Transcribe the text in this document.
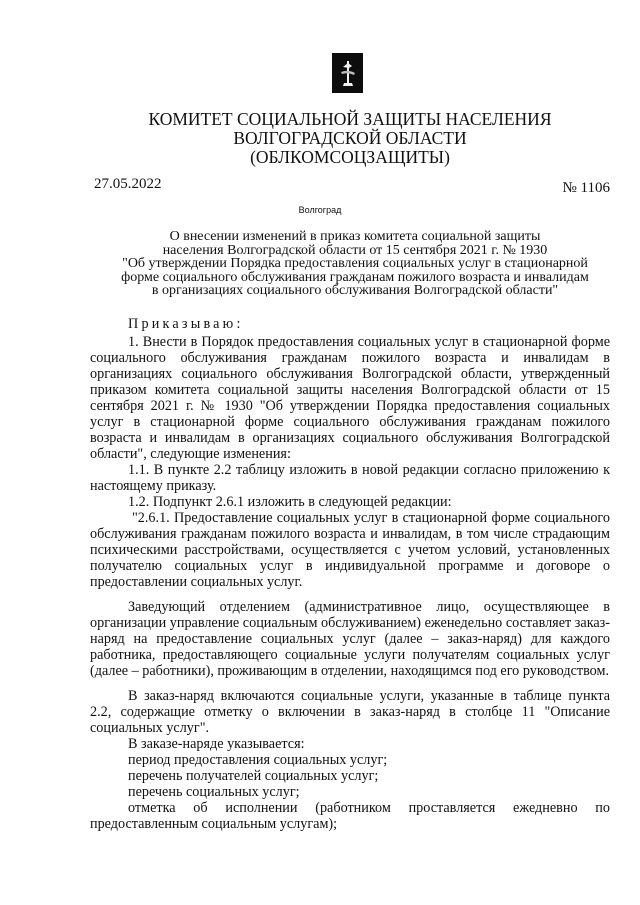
КОМИТЕТ СОЦИАЛЬНОЙ ЗАЩИТЫ НАСЕЛЕНИЯ
ВОЛГОГРАДСКОЙ ОБЛАСТИ
(ОБЛКОМСОЦЗАЩИТЫ)
27.05.2022	№ 1106
Волгоград
О внесении изменений в приказ комитета социальной защиты
населения Волгоградской области от 15 сентября 2021 г. № 1930
"Об утверждении Порядка предоставления социальных услуг в стационарной
форме социального обслуживания гражданам пожилого возраста и инвалидам
в организациях социального обслуживания Волгоградской области"

Приказываю:

1. Внести в Порядок предоставления социальных услуг в стационарной форме социального обслуживания гражданам пожилого возраста и инвалидам в организациях социального обслуживания Волгоградской области, утвержденный приказом комитета социальной защиты населения Волгоградской области от 15 сентября 2021 г. № 1930 "Об утверждении Порядка предоставления социальных услуг в стационарной форме социального обслуживания гражданам пожилого возраста и инвалидам в организациях социального обслуживания Волгоградской области", следующие изменения:

1.1. В пункте 2.2 таблицу изложить в новой редакции согласно приложению к настоящему приказу.

1.2. Подпункт 2.6.1 изложить в следующей редакции:

"2.6.1. Предоставление социальных услуг в стационарной форме социального обслуживания гражданам пожилого возраста и инвалидам, в том числе страдающим психическими расстройствами, осуществляется с учетом условий, установленных получателю социальных услуг в индивидуальной программе и договоре о предоставлении социальных услуг.

Заведующий отделением (административное лицо, осуществляющее в организации управление социальным обслуживанием) еженедельно составляет заказ-наряд на предоставление социальных услуг (далее – заказ-наряд) для каждого работника, предоставляющего социальные услуги получателям социальных услуг (далее – работники), проживающим в отделении, находящимся под его руководством.

В заказ-наряд включаются социальные услуги, указанные в таблице пункта 2.2, содержащие отметку о включении в заказ-наряд в столбце 11 "Описание социальных услуг".

В заказе-наряде указывается:

период предоставления социальных услуг;

перечень получателей социальных услуг;

перечень социальных услуг;

отметка об исполнении (работником проставляется ежедневно по предоставленным социальным услугам);
